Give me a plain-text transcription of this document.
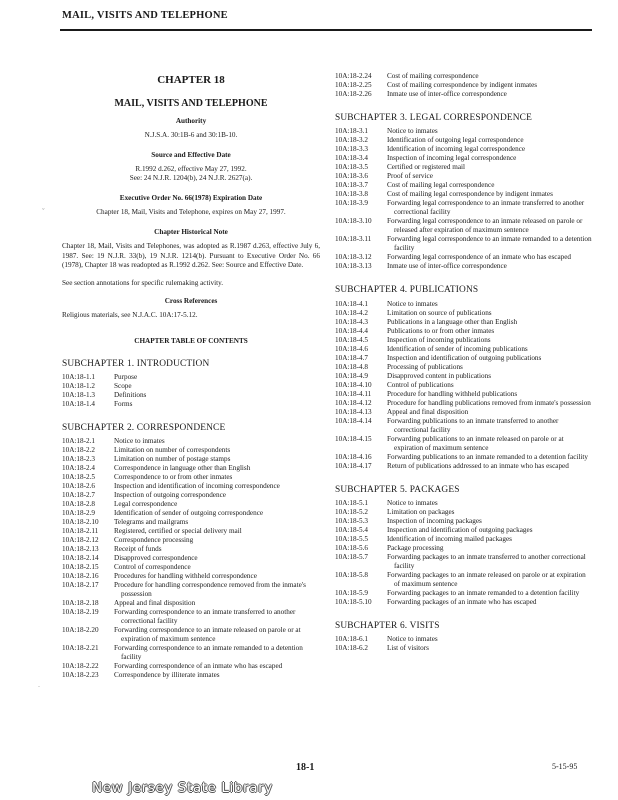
MAIL, VISITS AND TELEPHONE
ˇ
.
CHAPTER 18
MAIL, VISITS AND TELEPHONE
Authority
N.J.S.A. 30:1B-6 and 30:1B-10.
Source and Effective Date
R.1992 d.262, effective May 27, 1992.
See: 24 N.J.R. 1204(b), 24 N.J.R. 2627(a).
Executive Order No. 66(1978) Expiration Date
Chapter 18, Mail, Visits and Telephone, expires on May 27, 1997.
Chapter Historical Note
Chapter 18, Mail, Visits and Telephones, was adopted as R.1987 d.263, effective July 6, 1987. See: 19 N.J.R. 33(b), 19 N.J.R. 1214(b). Pursuant to Executive Order No. 66 (1978), Chapter 18 was readopted as R.1992 d.262. See: Source and Effective Date.
See section annotations for specific rulemaking activity.
Cross References
Religious materials, see N.J.A.C. 10A:17-5.12.
CHAPTER TABLE OF CONTENTS
SUBCHAPTER 1. INTRODUCTION
10A:18-1.1	Purpose
10A:18-1.2	Scope
10A:18-1.3	Definitions
10A:18-1.4	Forms
SUBCHAPTER 2. CORRESPONDENCE
10A:18-2.1	Notice to inmates
10A:18-2.2	Limitation on number of correspondents
10A:18-2.3	Limitation on number of postage stamps
10A:18-2.4	Correspondence in language other than English
10A:18-2.5	Correspondence to or from other inmates
10A:18-2.6	Inspection and identification of incoming correspondence
10A:18-2.7	Inspection of outgoing correspondence
10A:18-2.8	Legal correspondence
10A:18-2.9	Identification of sender of outgoing correspondence
10A:18-2.10	Telegrams and mailgrams
10A:18-2.11	Registered, certified or special delivery mail
10A:18-2.12	Correspondence processing
10A:18-2.13	Receipt of funds
10A:18-2.14	Disapproved correspondence
10A:18-2.15	Control of correspondence
10A:18-2.16	Procedures for handling withheld correspondence
10A:18-2.17	Procedure for handling correspondence removed from the inmate's possession
10A:18-2.18	Appeal and final disposition
10A:18-2.19	Forwarding correspondence to an inmate transferred to another correctional facility
10A:18-2.20	Forwarding correspondence to an inmate released on parole or at expiration of maximum sentence
10A:18-2.21	Forwarding correspondence to an inmate remanded to a detention facility
10A:18-2.22	Forwarding correspondence of an inmate who has escaped
10A:18-2.23	Correspondence by illiterate inmates
10A:18-2.24	Cost of mailing correspondence
10A:18-2.25	Cost of mailing correspondence by indigent inmates
10A:18-2.26	Inmate use of inter-office correspondence
SUBCHAPTER 3. LEGAL CORRESPONDENCE
10A:18-3.1	Notice to inmates
10A:18-3.2	Identification of outgoing legal correspondence
10A:18-3.3	Identification of incoming legal correspondence
10A:18-3.4	Inspection of incoming legal correspondence
10A:18-3.5	Certified or registered mail
10A:18-3.6	Proof of service
10A:18-3.7	Cost of mailing legal correspondence
10A:18-3.8	Cost of mailing legal correspondence by indigent inmates
10A:18-3.9	Forwarding legal correspondence to an inmate transferred to another correctional facility
10A:18-3.10	Forwarding legal correspondence to an inmate released on parole or released after expiration of maximum sentence
10A:18-3.11	Forwarding legal correspondence to an inmate remanded to a detention facility
10A:18-3.12	Forwarding legal correspondence of an inmate who has escaped
10A:18-3.13	Inmate use of inter-office correspondence
SUBCHAPTER 4. PUBLICATIONS
10A:18-4.1	Notice to inmates
10A:18-4.2	Limitation on source of publications
10A:18-4.3	Publications in a language other than English
10A:18-4.4	Publications to or from other inmates
10A:18-4.5	Inspection of incoming publications
10A:18-4.6	Identification of sender of incoming publications
10A:18-4.7	Inspection and identification of outgoing publications
10A:18-4.8	Processing of publications
10A:18-4.9	Disapproved content in publications
10A:18-4.10	Control of publications
10A:18-4.11	Procedure for handling withheld publications
10A:18-4.12	Procedure for handling publications removed from inmate's possession
10A:18-4.13	Appeal and final disposition
10A:18-4.14	Forwarding publications to an inmate transferred to another correctional facility
10A:18-4.15	Forwarding publications to an inmate released on parole or at expiration of maximum sentence
10A:18-4.16	Forwarding publications to an inmate remanded to a detention facility
10A:18-4.17	Return of publications addressed to an inmate who has escaped
SUBCHAPTER 5. PACKAGES
10A:18-5.1	Notice to inmates
10A:18-5.2	Limitation on packages
10A:18-5.3	Inspection of incoming packages
10A:18-5.4	Inspection and identification of outgoing packages
10A:18-5.5	Identification of incoming mailed packages
10A:18-5.6	Package processing
10A:18-5.7	Forwarding packages to an inmate transferred to another correctional facility
10A:18-5.8	Forwarding packages to an inmate released on parole or at expiration of maximum sentence
10A:18-5.9	Forwarding packages to an inmate remanded to a detention facility
10A:18-5.10	Forwarding packages of an inmate who has escaped
SUBCHAPTER 6. VISITS
10A:18-6.1	Notice to inmates
10A:18-6.2	List of visitors
18-1	5-15-95
New Jersey State Library
